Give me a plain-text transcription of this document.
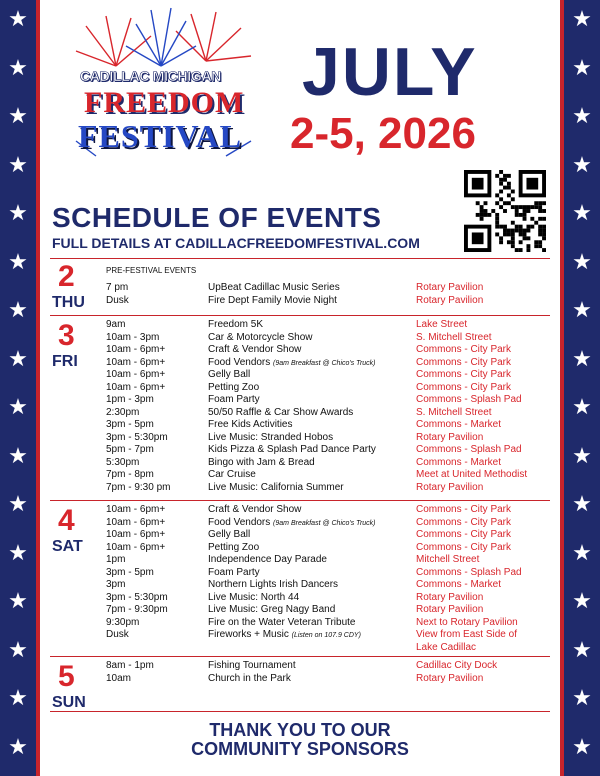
★	★
★	★
★	★
★	★
★	★
★	★
★	★
★	★
★	★
★	★
★	★
★	★
★	★
★	★
★	★
★	★
CADILLAC MICHIGAN
FREEDOM
FESTIVAL
JULY
2-5, 2026
SCHEDULE OF EVENTS
FULL DETAILS AT CADILLACFREEDOMFESTIVAL.COM
2
THU
PRE-FESTIVAL EVENTS
7 pm	UpBeat Cadillac Music Series	Rotary Pavilion
Dusk	Fire Dept Family Movie Night	Rotary Pavilion
3
FRI
9am	Freedom 5K	Lake Street
10am - 3pm	Car & Motorcycle Show	S. Mitchell Street
10am - 6pm+	Craft & Vendor Show	Commons - City Park
10am - 6pm+	Food Vendors (9am Breakfast @ Chico's Truck)	Commons - City Park
10am - 6pm+	Gelly Ball	Commons - City Park
10am - 6pm+	Petting Zoo	Commons - City Park
1pm - 3pm	Foam Party	Commons - Splash Pad
2:30pm	50/50 Raffle & Car Show Awards	S. Mitchell Street
3pm - 5pm	Free Kids Activities	Commons - Market
3pm - 5:30pm	Live Music: Stranded Hobos	Rotary Pavilion
5pm - 7pm	Kids Pizza & Splash Pad Dance Party	Commons - Splash Pad
5:30pm	Bingo with Jam & Bread	Commons - Market
7pm - 8pm	Car Cruise	Meet at United Methodist
7pm - 9:30 pm	Live Music: California Summer	Rotary Pavilion
4
SAT
10am - 6pm+	Craft & Vendor Show	Commons - City Park
10am - 6pm+	Food Vendors (9am Breakfast @ Chico's Truck)	Commons - City Park
10am - 6pm+	Gelly Ball	Commons - City Park
10am - 6pm+	Petting Zoo	Commons - City Park
1pm	Independence Day Parade	Mitchell Street
3pm - 5pm	Foam Party	Commons - Splash Pad
3pm	Northern Lights Irish Dancers	Commons - Market
3pm - 5:30pm	Live Music: North 44	Rotary Pavilion
7pm - 9:30pm	Live Music: Greg Nagy Band	Rotary Pavilion
9:30pm	Fire on the Water Veteran Tribute	Next to Rotary Pavilion
Dusk	Fireworks + Music (Listen on 107.9 CDY)	View from East Side of
Lake Cadillac
5
SUN
8am - 1pm	Fishing Tournament	Cadillac City Dock
10am	Church in the Park	Rotary Pavilion
THANK YOU TO OUR
COMMUNITY SPONSORS
